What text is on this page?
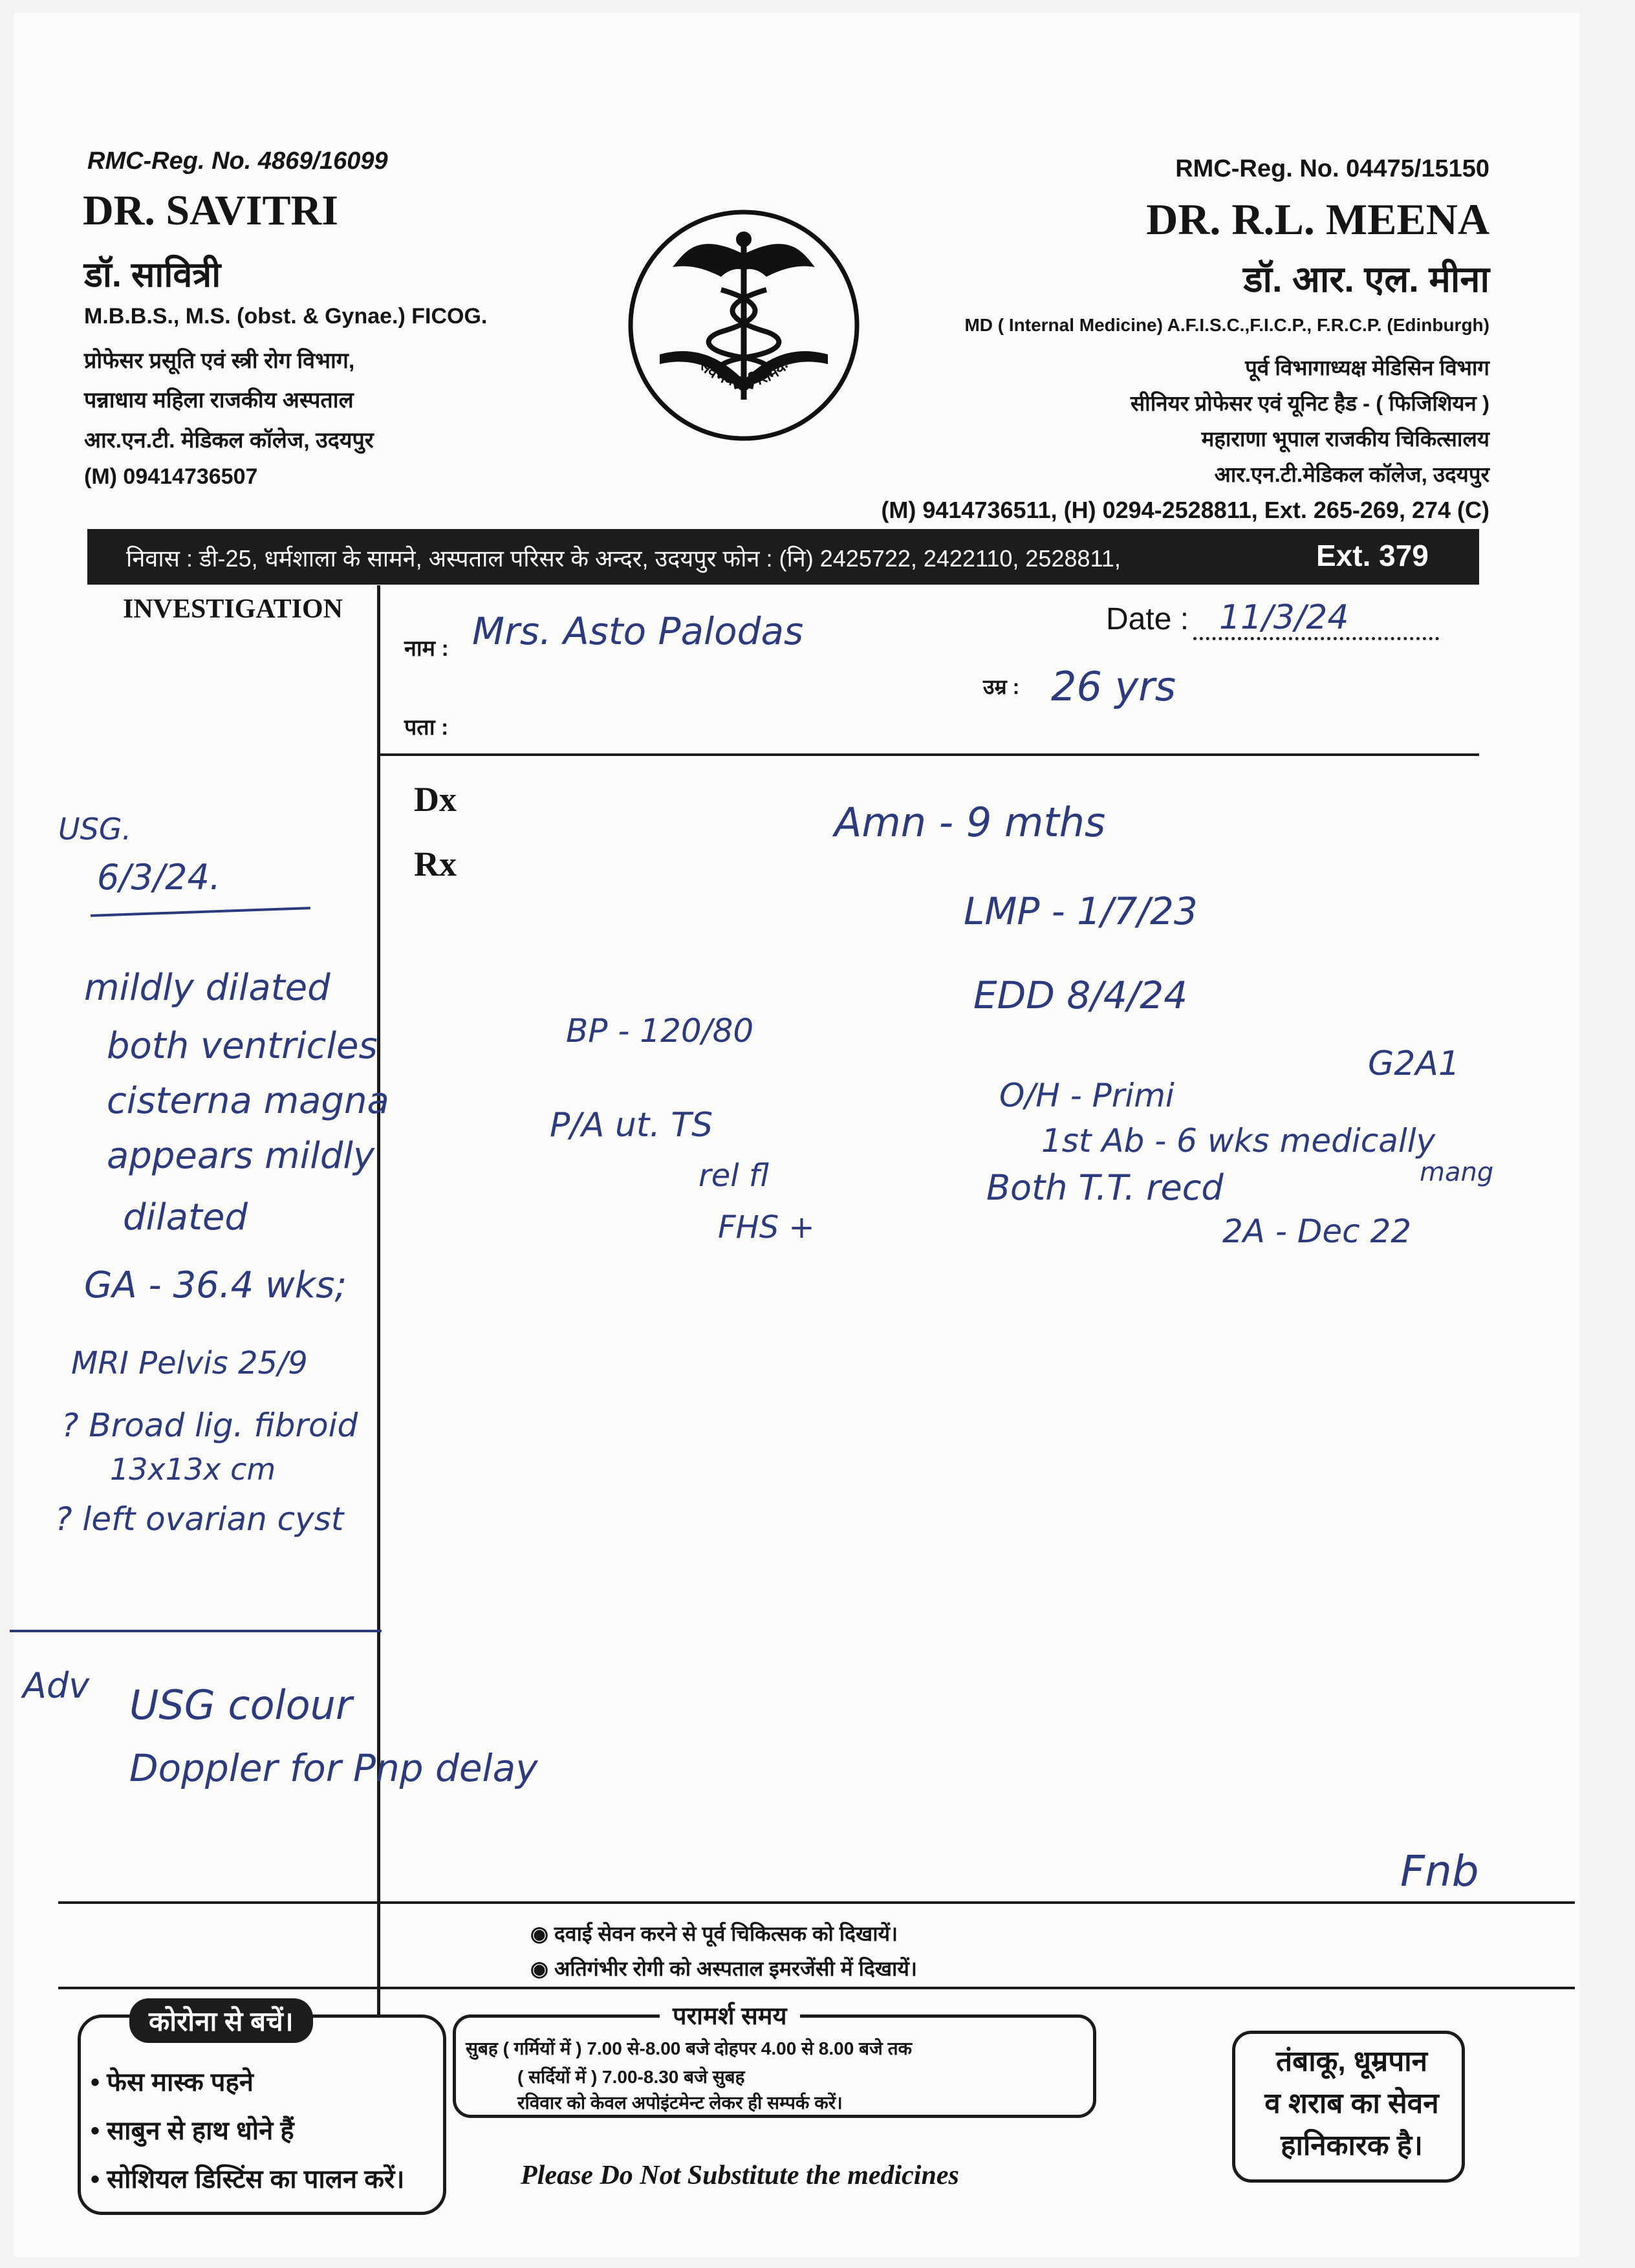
RMC-Reg. No. 4869/16099
DR. SAVITRI
डॉ. सावित्री
M.B.B.S., M.S. (obst. & Gynae.) FICOG.
प्रोफेसर प्रसूति एवं स्त्री रोग विभाग,
पन्नाधाय महिला राजकीय अस्पताल
आर.एन.टी. मेडिकल कॉलेज, उदयपुर
(M) 09414736507
सर्वेभवन्तु निरामयः
RMC-Reg. No. 04475/15150
DR. R.L. MEENA
डॉ. आर. एल. मीना
MD ( Internal Medicine) A.F.I.S.C.,F.I.C.P., F.R.C.P. (Edinburgh)
पूर्व विभागाध्यक्ष मेडिसिन विभाग
सीनियर प्रोफेसर एवं यूनिट हैड - ( फिजिशियन )
महाराणा भूपाल राजकीय चिकित्सालय
आर.एन.टी.मेडिकल कॉलेज, उदयपुर
(M) 9414736511, (H) 0294-2528811, Ext. 265-269, 274 (C)
निवास : डी-25, धर्मशाला के सामने, अस्पताल परिसर के अन्दर, उदयपुर फोन : (नि) 2425722, 2422110, 2528811,	Ext. 379
INVESTIGATION
नाम :
Date :
उम्र :
पता :
Dx
Rx
Mrs. Asto Palodas	11/3/24
26 yrs
USG.
6/3/24.
mildly dilated
both ventricles
cisterna magna
appears mildly
dilated
GA - 36.4 wks;
MRI Pelvis 25/9
? Broad lig. fibroid
13x13x cm
? left ovarian cyst
Adv USG colour
Doppler for Pnp delay
Amn - 9 mths
LMP - 1/7/23
EDD 8/4/24
G2A1
O/H - Primi
1st Ab - 6 wks medically
mang
Both T.T. recd
2A - Dec 22
BP - 120/80
P/A ut. TS
rel fl
FHS +
Fnb
◉ दवाई सेवन करने से पूर्व चिकित्सक को दिखायें।
◉ अतिगंभीर रोगी को अस्पताल इमरजेंसी में दिखायें।
कोरोना से बचें।
• फेस मास्क पहने
• साबुन से हाथ धोने हैं
• सोशियल डिस्टिंस का पालन करें।
परामर्श समय
सुबह ( गर्मियों में ) 7.00 से-8.00 बजे दोहपर 4.00 से 8.00 बजे तक
( सर्दियों में ) 7.00-8.30 बजे सुबह
रविवार को केवल अपोइंटमेन्ट लेकर ही सम्पर्क करें।
Please Do Not Substitute the medicines
तंबाकू, धूम्रपान
व शराब का सेवन
हानिकारक है।
